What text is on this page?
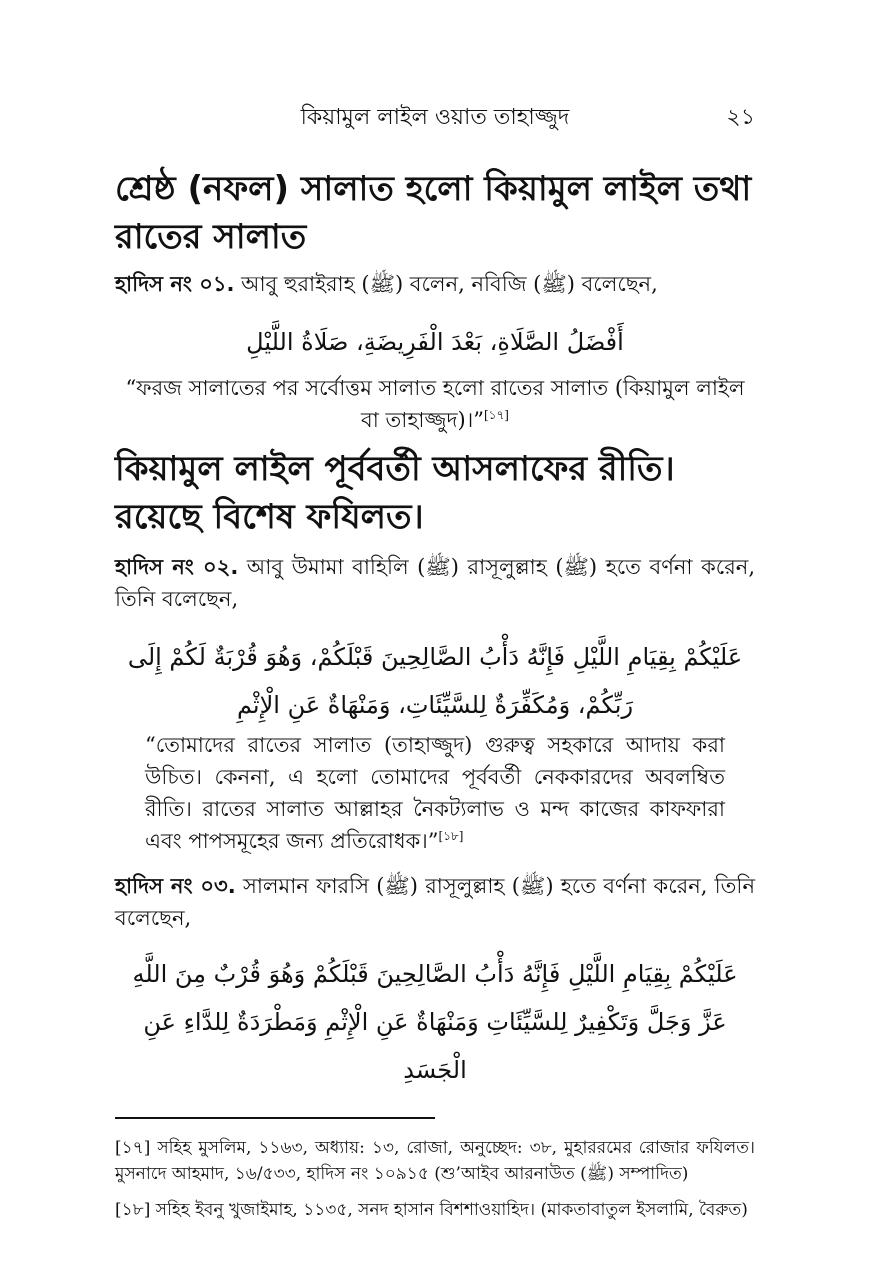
কিয়ামুল লাইল ওয়াত তাহাজ্জুদ	২১
শ্রেষ্ঠ (নফল) সালাত হলো কিয়ামুল লাইল তথা রাতের সালাত

হাদিস নং ০১. আবু হুরাইরাহ (ﷺ) বলেন, নবিজি (ﷺ) বলেছেন,

أَفْضَلُ الصَّلَاةِ، بَعْدَ الْفَرِيضَةِ، صَلَاةُ اللَّيْلِ

“ফরজ সালাতের পর সর্বোত্তম সালাত হলো রাতের সালাত (কিয়ামুল লাইল বা তাহাজ্জুদ)।”[১৭]

কিয়ামুল লাইল পূর্ববর্তী আসলাফের রীতি। রয়েছে বিশেষ ফযিলত।

হাদিস নং ০২. আবু উমামা বাহিলি (ﷺ) রাসূলুল্লাহ (ﷺ) হতে বর্ণনা করেন, তিনি বলেছেন,

عَلَيْكُمْ بِقِيَامِ اللَّيْلِ فَإِنَّهُ دَأْبُ الصَّالِحِينَ قَبْلَكُمْ، وَهُوَ قُرْبَةٌ لَكُمْ إِلَى رَبِّكُمْ، وَمُكَفِّرَةٌ لِلسَّيِّئَاتِ، وَمَنْهَاةٌ عَنِ الْإِثْمِ

“তোমাদের রাতের সালাত (তাহাজ্জুদ) গুরুত্ব সহকারে আদায় করা উচিত। কেননা, এ হলো তোমাদের পূর্ববর্তী নেককারদের অবলম্বিত রীতি। রাতের সালাত আল্লাহর নৈকট্যলাভ ও মন্দ কাজের কাফফারা এবং পাপসমূহের জন্য প্রতিরোধক।”[১৮]

হাদিস নং ০৩. সালমান ফারসি (ﷺ) রাসূলুল্লাহ (ﷺ) হতে বর্ণনা করেন, তিনি বলেছেন,

عَلَيْكُمْ بِقِيَامِ اللَّيْلِ فَإِنَّهُ دَأْبُ الصَّالِحِينَ قَبْلَكُمْ وَهُوَ قُرْبٌ مِنَ اللَّهِ عَزَّ وَجَلَّ وَتَكْفِيرٌ لِلسَّيِّئَاتِ وَمَنْهَاةٌ عَنِ الْإِثْمِ وَمَطْرَدَةٌ لِلدَّاءِ عَنِ الْجَسَدِ

[১৭] সহিহ মুসলিম, ১১৬৩, অধ্যায়: ১৩, রোজা, অনুচ্ছেদ: ৩৮, মুহাররমের রোজার ফযিলত। মুসনাদে আহমাদ, ১৬/৫৩৩, হাদিস নং ১০৯১৫ (শু’আইব আরনাউত (ﷺ) সম্পাদিত)

[১৮] সহিহ ইবনু খুজাইমাহ, ১১৩৫, সনদ হাসান বিশশাওয়াহিদ। (মাকতাবাতুল ইসলামি, বৈরুত)
